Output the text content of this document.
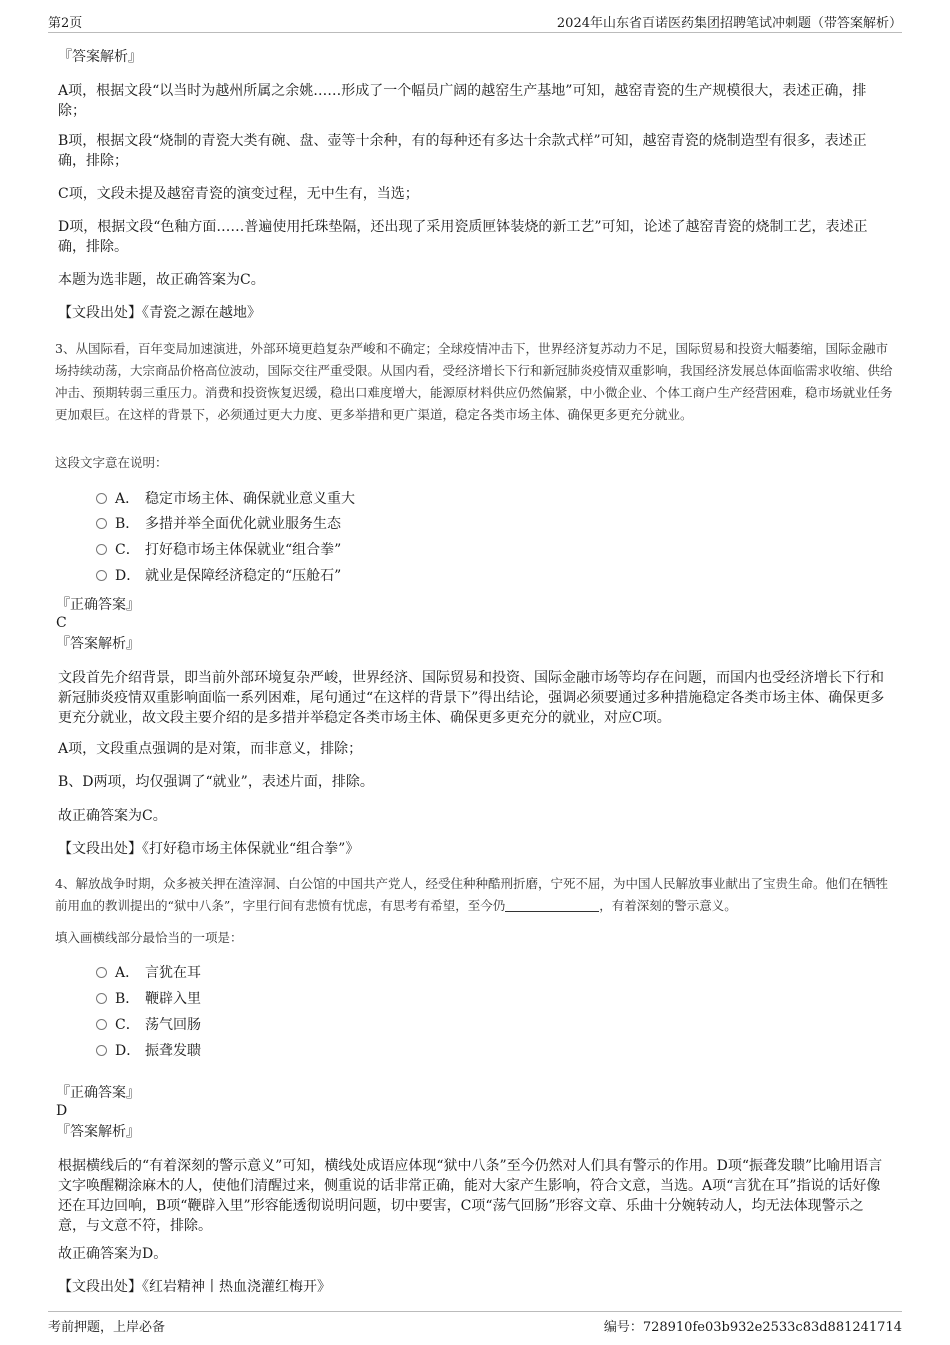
第2页	2024年山东省百诺医药集团招聘笔试冲刺题（带答案解析）
『答案解析』
A项，根据文段“以当时为越州所属之余姚……形成了一个幅员广阔的越窑生产基地”可知，越窑青瓷的生产规模很大，表述正确，排除；
B项，根据文段“烧制的青瓷大类有碗、盘、壶等十余种，有的每种还有多达十余款式样”可知，越窑青瓷的烧制造型有很多，表述正确，排除；
C项，文段未提及越窑青瓷的演变过程，无中生有，当选；
D项，根据文段“色釉方面……普遍使用托珠垫隔，还出现了采用瓷质匣钵装烧的新工艺”可知，论述了越窑青瓷的烧制工艺，表述正确，排除。
本题为选非题，故正确答案为C。
【文段出处】《青瓷之源在越地》
3、从国际看，百年变局加速演进，外部环境更趋复杂严峻和不确定；全球疫情冲击下，世界经济复苏动力不足，国际贸易和投资大幅萎缩，国际金融市场持续动荡，大宗商品价格高位波动，国际交往严重受限。从国内看，受经济增长下行和新冠肺炎疫情双重影响，我国经济发展总体面临需求收缩、供给冲击、预期转弱三重压力。消费和投资恢复迟缓，稳出口难度增大，能源原材料供应仍然偏紧，中小微企业、个体工商户生产经营困难，稳市场就业任务更加艰巨。在这样的背景下，必须通过更大力度、更多举措和更广渠道，稳定各类市场主体、确保更多更充分就业。
这段文字意在说明：
A． 稳定市场主体、确保就业意义重大
B． 多措并举全面优化就业服务生态
C． 打好稳市场主体保就业“组合拳”
D． 就业是保障经济稳定的“压舱石”
『正确答案』
C
『答案解析』
文段首先介绍背景，即当前外部环境复杂严峻，世界经济、国际贸易和投资、国际金融市场等均存在问题，而国内也受经济增长下行和新冠肺炎疫情双重影响面临一系列困难，尾句通过“在这样的背景下”得出结论，强调必须要通过多种措施稳定各类市场主体、确保更多更充分就业，故文段主要介绍的是多措并举稳定各类市场主体、确保更多更充分的就业，对应C项。
A项，文段重点强调的是对策，而非意义，排除；
B、D两项，均仅强调了“就业”，表述片面，排除。
故正确答案为C。
【文段出处】《打好稳市场主体保就业“组合拳”》
4、解放战争时期，众多被关押在渣滓洞、白公馆的中国共产党人，经受住种种酷刑折磨，宁死不屈，为中国人民解放事业献出了宝贵生命。他们在牺牲前用血的教训提出的“狱中八条”，字里行间有悲愤有忧虑，有思考有希望，至今仍	，有着深刻的警示意义。
填入画横线部分最恰当的一项是：
A． 言犹在耳
B． 鞭辟入里
C． 荡气回肠
D． 振聋发聩
『正确答案』
D
『答案解析』
根据横线后的“有着深刻的警示意义”可知，横线处成语应体现“狱中八条”至今仍然对人们具有警示的作用。D项“振聋发聩”比喻用语言文字唤醒糊涂麻木的人，使他们清醒过来，侧重说的话非常正确，能对大家产生影响，符合文意，当选。A项“言犹在耳”指说的话好像还在耳边回响，B项“鞭辟入里”形容能透彻说明问题，切中要害，C项“荡气回肠”形容文章、乐曲十分婉转动人，均无法体现警示之意，与文意不符，排除。
故正确答案为D。
【文段出处】《红岩精神丨热血浇灌红梅开》
考前押题，上岸必备	编号：728910fe03b932e2533c83d881241714
